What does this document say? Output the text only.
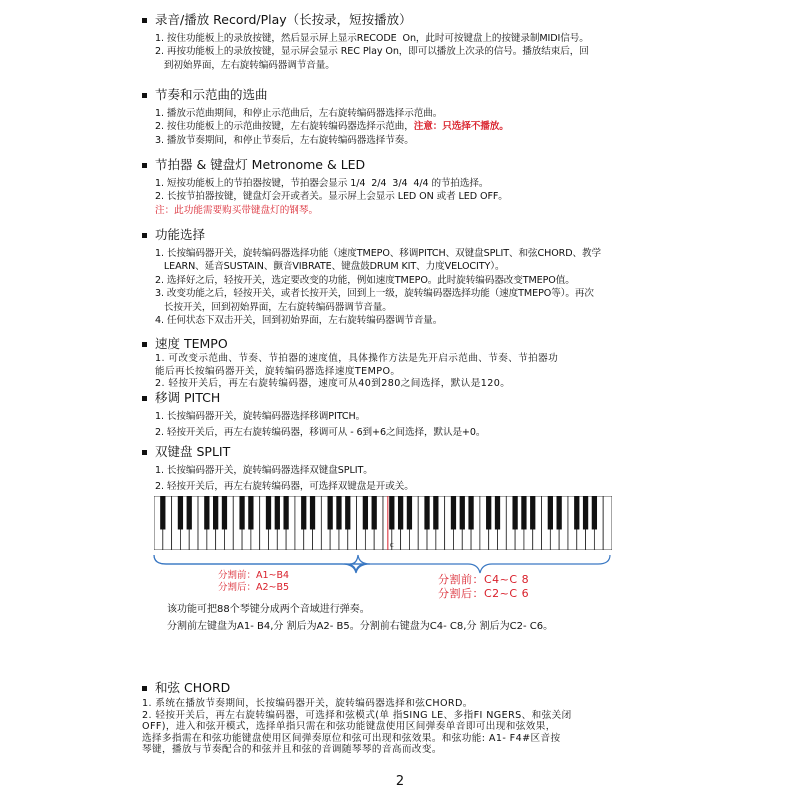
录音/播放 Record/Play（长按录，短按播放）
1. 按住功能板上的录放按键，然后显示屏上显示RECODE  On，此时可按键盘上的按键录制MIDI信号。
2. 再按功能板上的录放按键，显示屏会显示 REC Play On，即可以播放上次录的信号。播放结束后，回
到初始界面，左右旋转编码器调节音量。
节奏和示范曲的选曲
1. 播放示范曲期间，和停止示范曲后，左右旋转编码器选择示范曲。
2. 按住功能板上的示范曲按键，左右旋转编码器选择示范曲，注意：只选择不播放。
3. 播放节奏期间，和停止节奏后，左右旋转编码器选择节奏。
节拍器 & 键盘灯 Metronome & LED
1. 短按功能板上的节拍器按键，节拍器会显示 1/4  2/4  3/4  4/4 的节拍选择。
2. 长按节拍器按键，键盘灯会开或者关。显示屏上会显示 LED ON 或者 LED OFF。
注：此功能需要购买带键盘灯的钢琴。
功能选择
1. 长按编码器开关，旋转编码器选择功能（速度TMEPO、移调PITCH、双键盘SPLIT、和弦CHORD、教学
LEARN、延音SUSTAIN、颤音VIBRATE、键盘鼓DRUM KIT、力度VELOCITY）。
2. 选择好之后，轻按开关，选定要改变的功能，例如速度TMEPO。此时旋转编码器改变TMEPO值。
3. 改变功能之后，轻按开关，或者长按开关，回到上一级，旋转编码器选择功能（速度TMEPO等）。再次
长按开关，回到初始界面，左右旋转编码器调节音量。
4. 任何状态下双击开关，回到初始界面，左右旋转编码器调节音量。
速度 TEMPO
1. 可改变示范曲、节奏、节拍器的速度值，具体操作方法是先开启示范曲、节奏、节拍器功
能后再长按编码器开关，旋转编码器选择速度TEMPO。
2. 轻按开关后，再左右旋转编码器，速度可从40到280之间选择，默认是120。
移调 PITCH
1. 长按编码器开关，旋转编码器选择移调PITCH。
2. 轻按开关后，再左右旋转编码器，移调可从 - 6到+6之间选择，默认是+0。
双键盘 SPLIT
1. 长按编码器开关，旋转编码器选择双键盘SPLIT。
2. 轻按开关后，再左右旋转编码器，可选择双键盘是开或关。
C
分割前：A1~B4
分割后：A2~B5
分割前：C4~C 8
分割后：C2~C 6
该功能可把88个琴键分成两个音域进行弹奏。
分割前左键盘为A1- B4,分 割后为A2- B5。分割前右键盘为C4- C8,分 割后为C2- C6。
和弦 CHORD
1. 系统在播放节奏期间，长按编码器开关，旋转编码器选择和弦CHORD。
2. 轻按开关后，再左右旋转编码器，可选择和弦模式(单 指SING LE、多指FI NGERS、和弦关闭
OFF)，进入和弦开模式，选择单指只需在和弦功能键盘使用区间弹奏单音即可出现和弦效果，
选择多指需在和弦功能键盘使用区间弹奏原位和弦可出现和弦效果。和弦功能: A1- F4#区音按
琴键，播放与节奏配合的和弦并且和弦的音调随琴琴的音高而改变。
2
